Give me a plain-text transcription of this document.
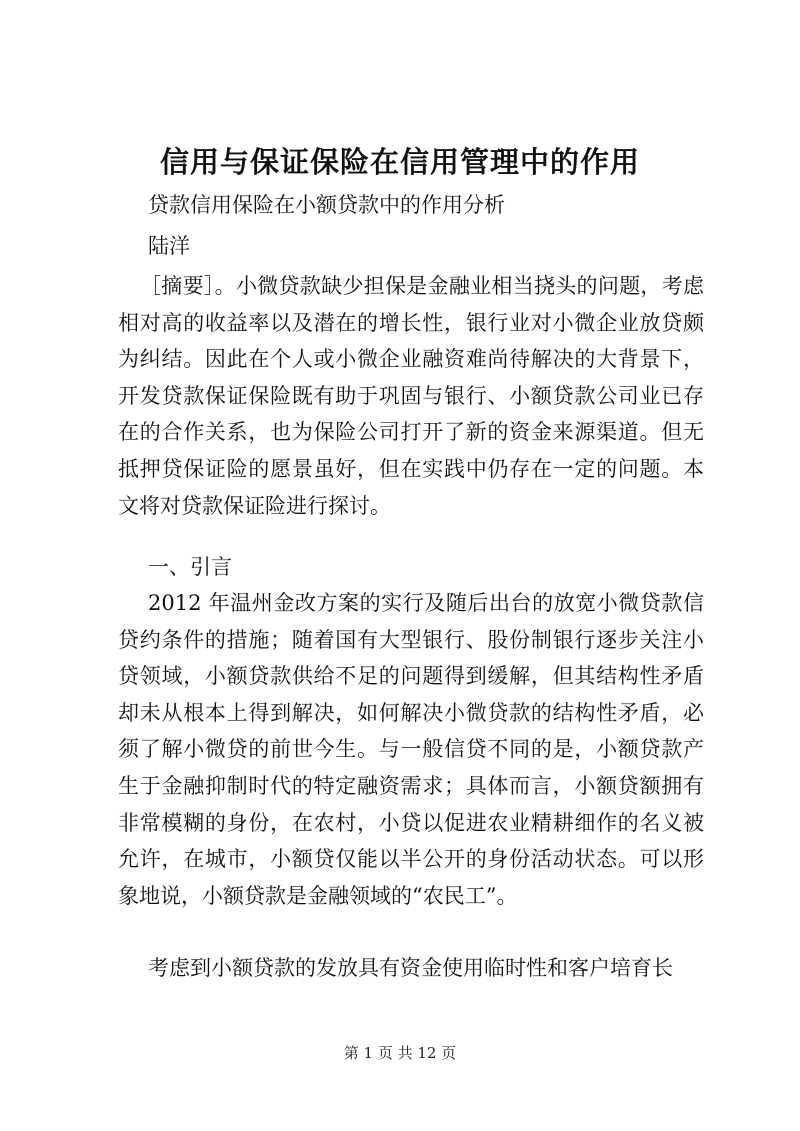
信用与保证保险在信用管理中的作用

贷款信用保险在小额贷款中的作用分析

陆洋

［摘要］。小微贷款缺少担保是金融业相当挠头的问题，考虑相对高的收益率以及潜在的增长性，银行业对小微企业放贷颇为纠结。因此在个人或小微企业融资难尚待解决的大背景下，开发贷款保证保险既有助于巩固与银行、小额贷款公司业已存在的合作关系，也为保险公司打开了新的资金来源渠道。但无抵押贷保证险的愿景虽好，但在实践中仍存在一定的问题。本文将对贷款保证险进行探讨。

一、引言

2012 年温州金改方案的实行及随后出台的放宽小微贷款信贷约条件的措施；随着国有大型银行、股份制银行逐步关注小贷领域，小额贷款供给不足的问题得到缓解，但其结构性矛盾却未从根本上得到解决，如何解决小微贷款的结构性矛盾，必须了解小微贷的前世今生。与一般信贷不同的是，小额贷款产生于金融抑制时代的特定融资需求；具体而言，小额贷额拥有非常模糊的身份，在农村，小贷以促进农业精耕细作的名义被允许，在城市，小额贷仅能以半公开的身份活动状态。可以形象地说，小额贷款是金融领域的“农民工”。

考虑到小额贷款的发放具有资金使用临时性和客户培育长

第 1 页 共 12 页
